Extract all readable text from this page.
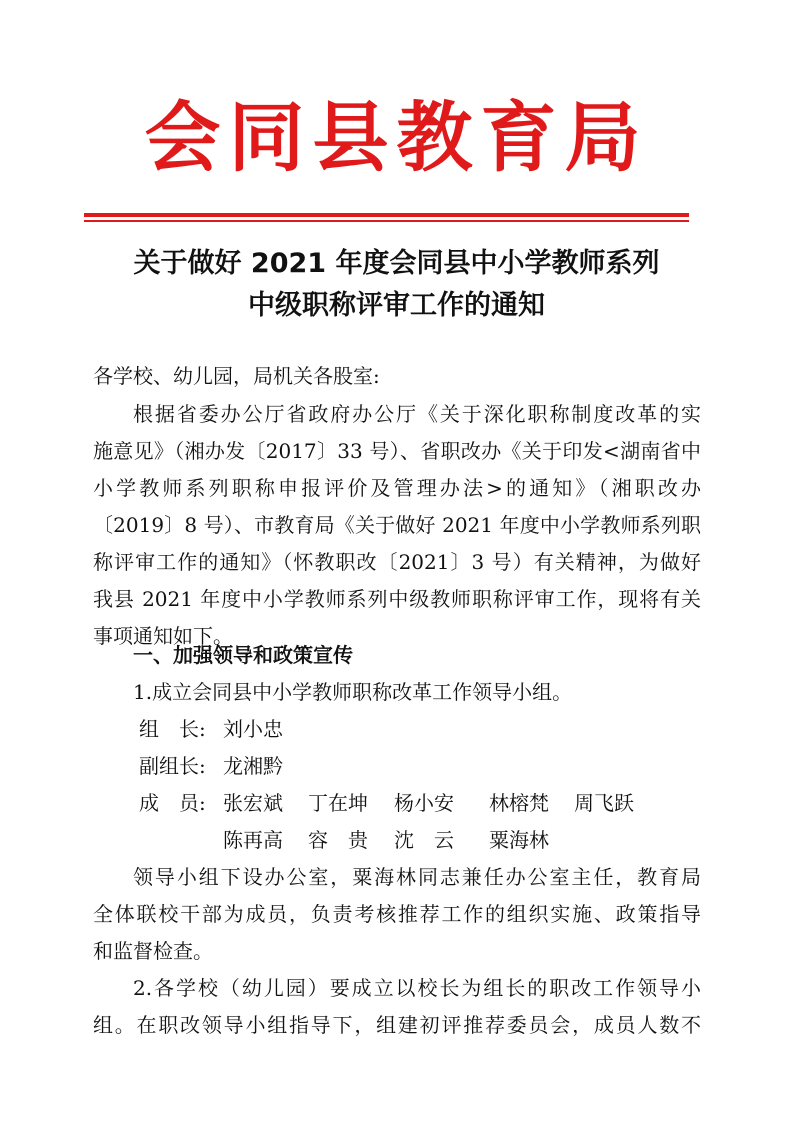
会同县教育局
关于做好 2021 年度会同县中小学教师系列
中级职称评审工作的通知
各学校、幼儿园，局机关各股室:
根据省委办公厅省政府办公厅《关于深化职称制度改革的实
施意见》（湘办发〔2017〕33 号）、省职改办《关于印发<湖南省中
小学教师系列职称申报评价及管理办法>的通知》（湘职改办
〔2019〕8 号）、市教育局《关于做好 2021 年度中小学教师系列职
称评审工作的通知》（怀教职改〔2021〕3 号）有关精神，为做好
我县 2021 年度中小学教师系列中级教师职称评审工作，现将有关
事项通知如下。
一、加强领导和政策宣传
1.成立会同县中小学教师职称改革工作领导小组。
组　长: 刘小忠
副组长: 龙湘黔
成　员: 张宏斌 丁在坤 杨小安 林榕梵 周飞跃
陈再高 容　贵 沈　云 粟海林
领导小组下设办公室，粟海林同志兼任办公室主任，教育局
全体联校干部为成员，负责考核推荐工作的组织实施、政策指导
和监督检查。
2.各学校（幼儿园）要成立以校长为组长的职改工作领导小
组。在职改领导小组指导下，组建初评推荐委员会，成员人数不
